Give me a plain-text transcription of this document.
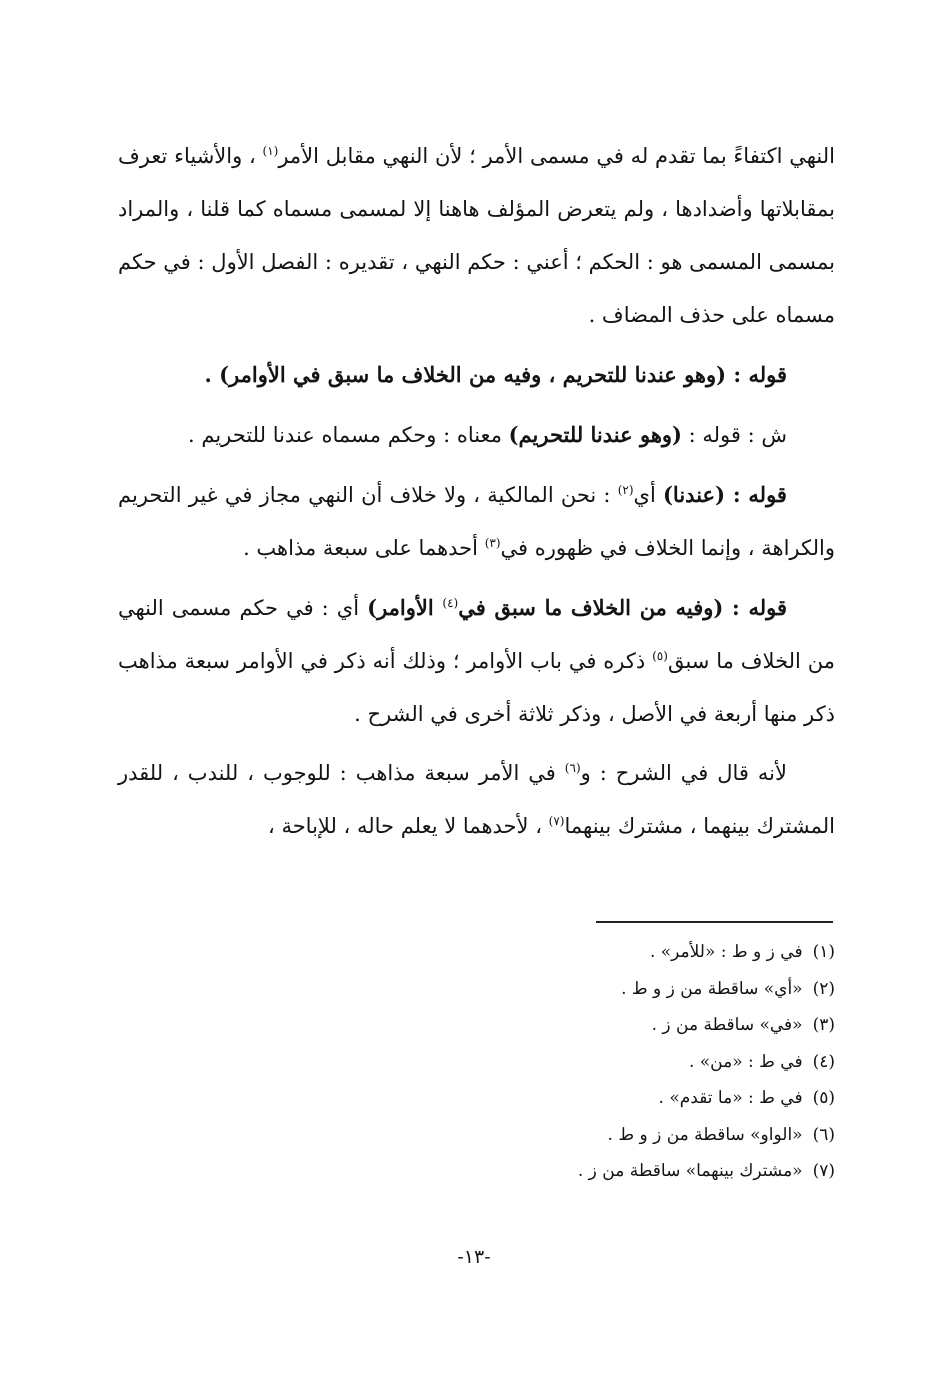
النهي اكتفاءً بما تقدم له في مسمى الأمر ؛ لأن النهي مقابل الأمر$^{(١)}$ ، والأشياء تعرف بمقابلاتها وأضدادها ، ولم يتعرض المؤلف هاهنا إلا لمسمى مسماه كما قلنا ، والمراد بمسمى المسمى هو : الحكم ؛ أعني : حكم النهي ، تقديره : الفصل الأول : في حكم مسماه على حذف المضاف .

قوله : (وهو عندنا للتحريم ، وفيه من الخلاف ما سبق في الأوامر) .

ش : قوله : (وهو عندنا للتحريم) معناه : وحكم مسماه عندنا للتحريم .

قوله : (عندنا) أي$^{(٢)}$ : نحن المالكية ، ولا خلاف أن النهي مجاز في غير التحريم والكراهة ، وإنما الخلاف في ظهوره في$^{(٣)}$ أحدهما على سبعة مذاهب .

قوله : (وفيه من الخلاف ما سبق في$^{(٤)}$ الأوامر) أي : في حكم مسمى النهي من الخلاف ما سبق$^{(٥)}$ ذكره في باب الأوامر ؛ وذلك أنه ذكر في الأوامر سبعة مذاهب ذكر منها أربعة في الأصل ، وذكر ثلاثة أخرى في الشرح .

لأنه قال في الشرح : و$^{(٦)}$ في الأمر سبعة مذاهب : للوجوب ، للندب ، للقدر المشترك بينهما ، مشترك بينهما$^{(٧)}$ ، لأحدهما لا يعلم حاله ، للإباحة ،

(١)في ز و ط : «للأمر» .
(٢)«أي» ساقطة من ز و ط .
(٣)«في» ساقطة من ز .
(٤)في ط : «من» .
(٥)في ط : «ما تقدم» .
(٦)«الواو» ساقطة من ز و ط .
(٧)«مشترك بينهما» ساقطة من ز .
-١٣-
